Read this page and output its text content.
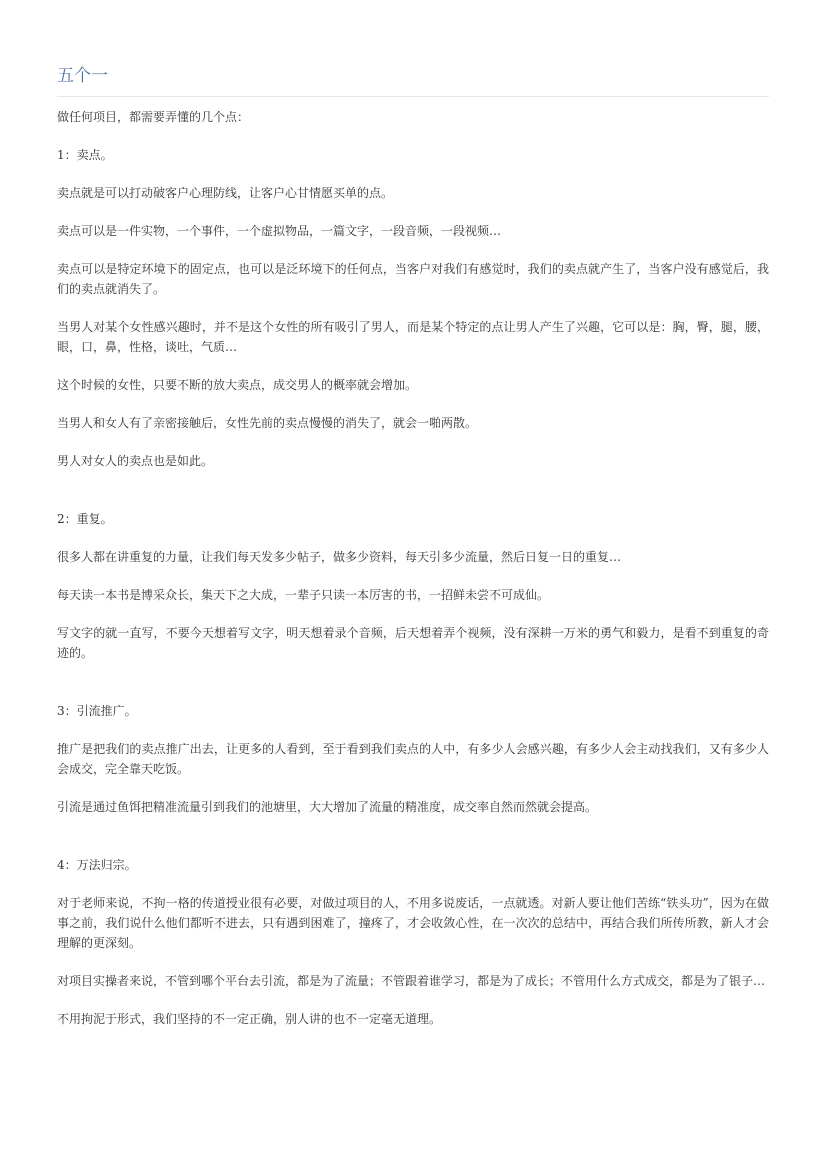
五个一

做任何项目，都需要弄懂的几个点：

1：卖点。

卖点就是可以打动破客户心理防线，让客户心甘情愿买单的点。

卖点可以是一件实物，一个事件，一个虚拟物品，一篇文字，一段音频，一段视频…

卖点可以是特定环境下的固定点，也可以是泛环境下的任何点，当客户对我们有感觉时，我们的卖点就产生了，当客户没有感觉后，我们的卖点就消失了。

当男人对某个女性感兴趣时，并不是这个女性的所有吸引了男人，而是某个特定的点让男人产生了兴趣，它可以是：胸，臀，腿，腰，眼，口，鼻，性格，谈吐，气质…

这个时候的女性，只要不断的放大卖点，成交男人的概率就会增加。

当男人和女人有了亲密接触后，女性先前的卖点慢慢的消失了，就会一啪两散。

男人对女人的卖点也是如此。

2：重复。

很多人都在讲重复的力量，让我们每天发多少帖子，做多少资料，每天引多少流量，然后日复一日的重复…

每天读一本书是博采众长，集天下之大成，一辈子只读一本厉害的书，一招鲜未尝不可成仙。

写文字的就一直写，不要今天想着写文字，明天想着录个音频，后天想着弄个视频，没有深耕一万米的勇气和毅力，是看不到重复的奇迹的。

3：引流推广。

推广是把我们的卖点推广出去，让更多的人看到，至于看到我们卖点的人中，有多少人会感兴趣，有多少人会主动找我们，又有多少人会成交，完全靠天吃饭。

引流是通过鱼饵把精准流量引到我们的池塘里，大大增加了流量的精准度，成交率自然而然就会提高。

4：万法归宗。

对于老师来说，不拘一格的传道授业很有必要，对做过项目的人，不用多说废话，一点就透。对新人要让他们苦练“铁头功”，因为在做事之前，我们说什么他们都听不进去，只有遇到困难了，撞疼了，才会收敛心性，在一次次的总结中，再结合我们所传所教，新人才会理解的更深刻。

对项目实操者来说，不管到哪个平台去引流，都是为了流量；不管跟着谁学习，都是为了成长；不管用什么方式成交，都是为了银子…

不用拘泥于形式，我们坚持的不一定正确，别人讲的也不一定毫无道理。
